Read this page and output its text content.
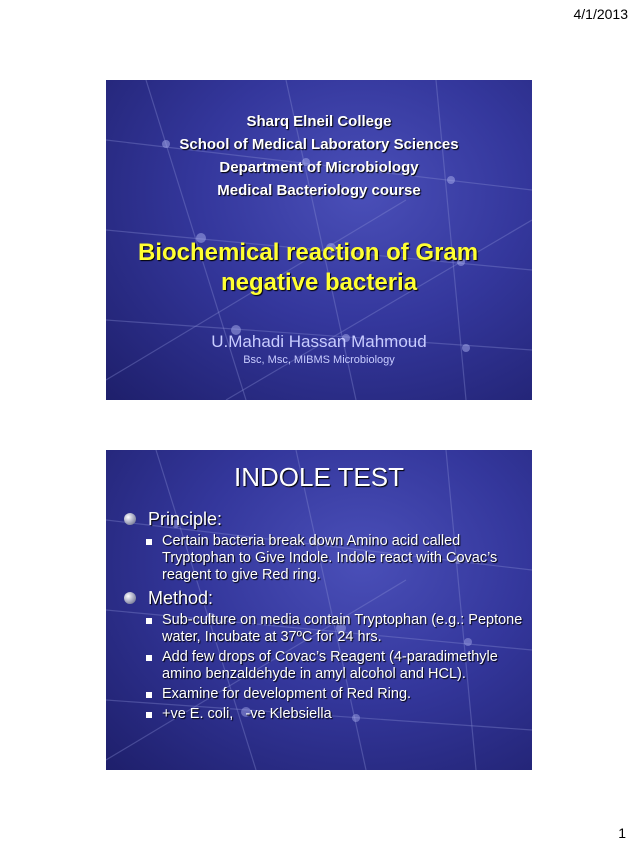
4/1/2013
Sharq Elneil College
School of Medical Laboratory Sciences
Department of Microbiology
Medical Bacteriology course
Biochemical reaction of Gram
negative bacteria
U.Mahadi Hassan Mahmoud
Bsc, Msc, MIBMS Microbiology
INDOLE TEST
Principle:
Certain bacteria break down Amino acid called Tryptophan to Give Indole. Indole react with Covac’s reagent to give Red ring.
Method:
Sub-culture on media contain Tryptophan (e.g.: Peptone water, Incubate at 37ºC for 24 hrs.
Add few drops of Covac’s Reagent (4-paradimethyle amino benzaldehyde in amyl alcohol and HCL).
Examine for development of Red Ring.
+ve E. coli,   -ve Klebsiella
1
